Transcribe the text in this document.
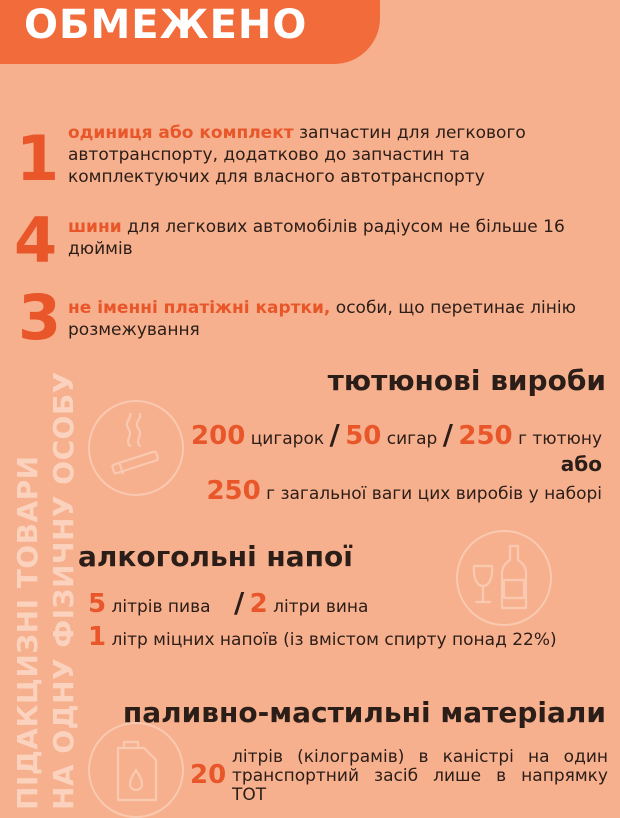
ОБМЕЖЕНО
1 одиниця або комплект запчастин для легкового автотранспорту, додатково до запчастин та комплектуючих для власного автотранспорту
4 шини для легкових автомобілів радіусом не більше 16 дюймів
3 не іменні платіжні картки, особи, що перетинає лінію розмежування
ПІДАКЦИЗНІ ТОВАРИ НА ОДНУ ФІЗИЧНУ ОСОБУ	тютюнові вироби
200 цигарок / 50 сигар / 250 г тютюну
або
250 г загальної ваги цих виробів у наборі
алкогольні напої
5 літрів пива / 2 літри вина
1 літр міцних напоїв (із вмістом спирту понад 22%)
паливно-мастильні матеріали
20
літрів (кілограмів) в каністрі на один транспортний засіб лише в напрямку ТОТ
